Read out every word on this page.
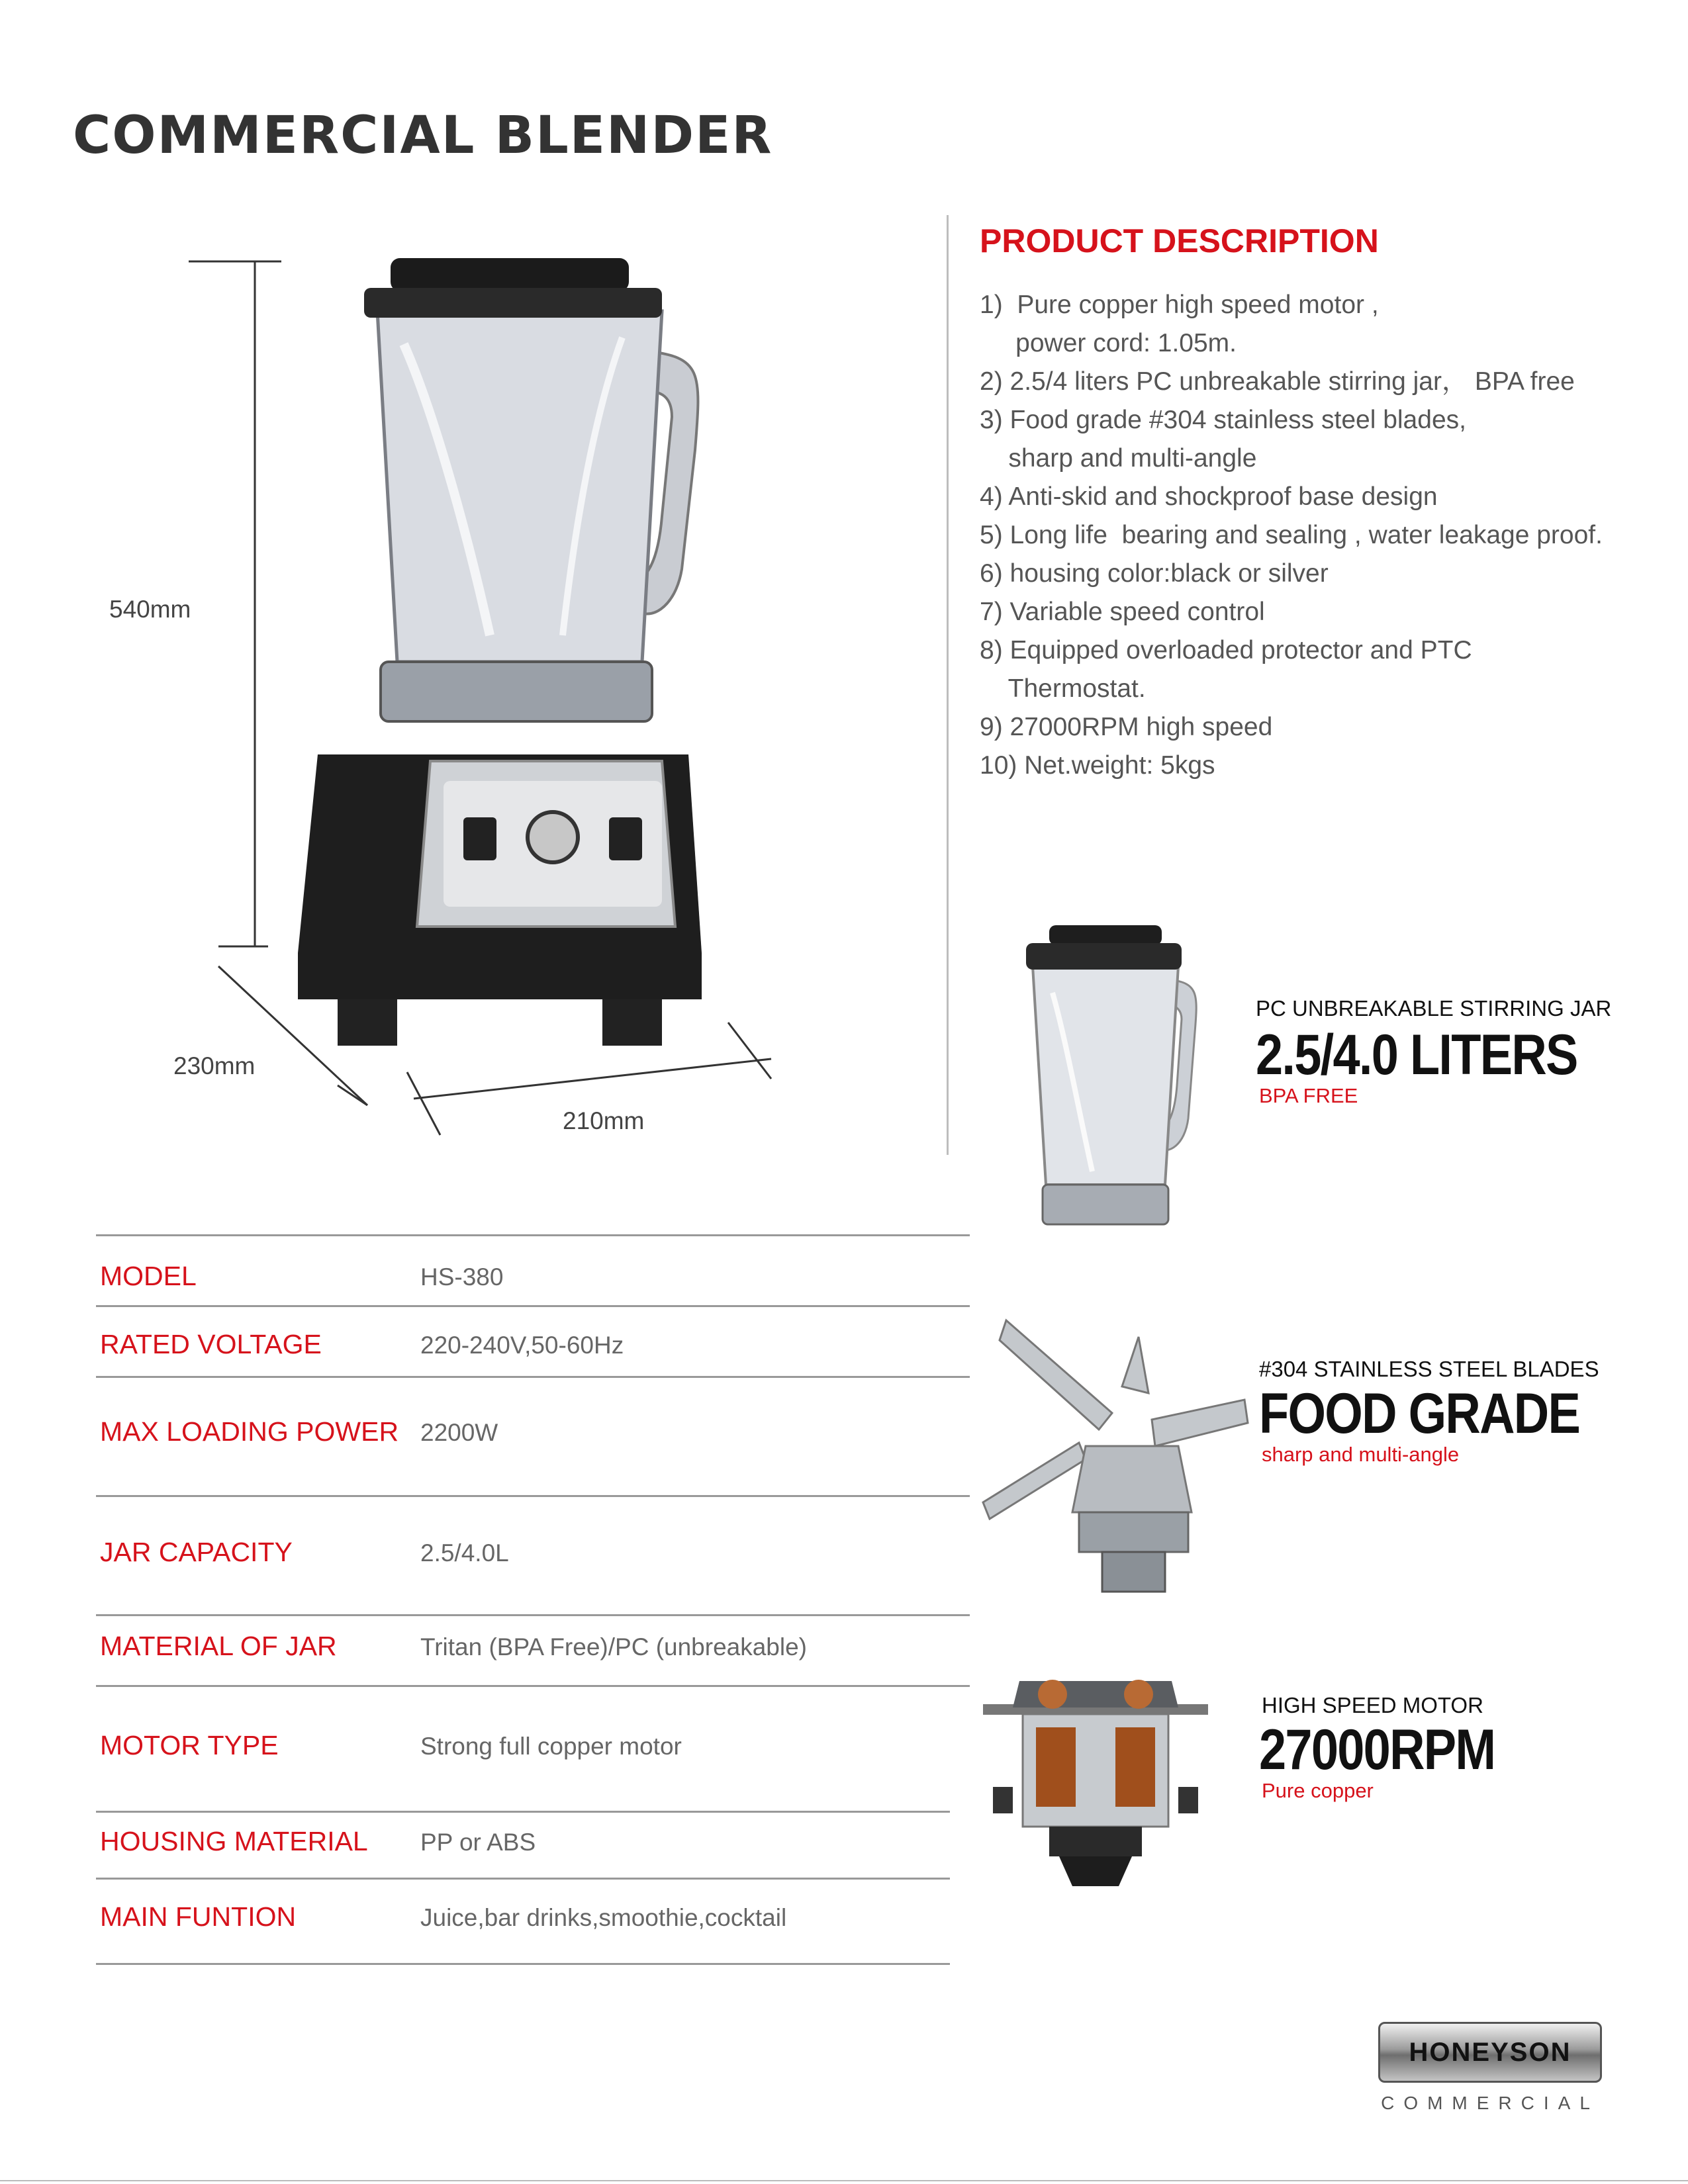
COMMERCIAL BLENDER
540mm
230mm
210mm
PRODUCT DESCRIPTION
1)  Pure copper high speed motor ,
power cord: 1.05m.
2) 2.5/4 liters PC unbreakable stirring jar， BPA free
3) Food grade #304 stainless steel blades,
sharp and multi-angle
4) Anti-skid and shockproof base design
5) Long life  bearing and sealing , water leakage proof.
6) housing color:black or silver
7) Variable speed control
8) Equipped overloaded protector and PTC
Thermostat.
9) 27000RPM high speed
10) Net.weight: 5kgs
PC UNBREAKABLE STIRRING JAR
2.5/4.0 LITERS
BPA FREE
#304 STAINLESS STEEL BLADES
FOOD GRADE
sharp and multi-angle
HIGH SPEED MOTOR
27000RPM
Pure copper
MODEL	HS-380
RATED VOLTAGE	220-240V,50-60Hz
MAX LOADING POWER 2200W
JAR CAPACITY	2.5/4.0L
MATERIAL OF JAR	Tritan (BPA Free)/PC (unbreakable)
MOTOR TYPE	Strong full copper motor
HOUSING MATERIAL PP or ABS
MAIN FUNTION	Juice,bar drinks,smoothie,cocktail
HONEYSON
COMMERCIAL
